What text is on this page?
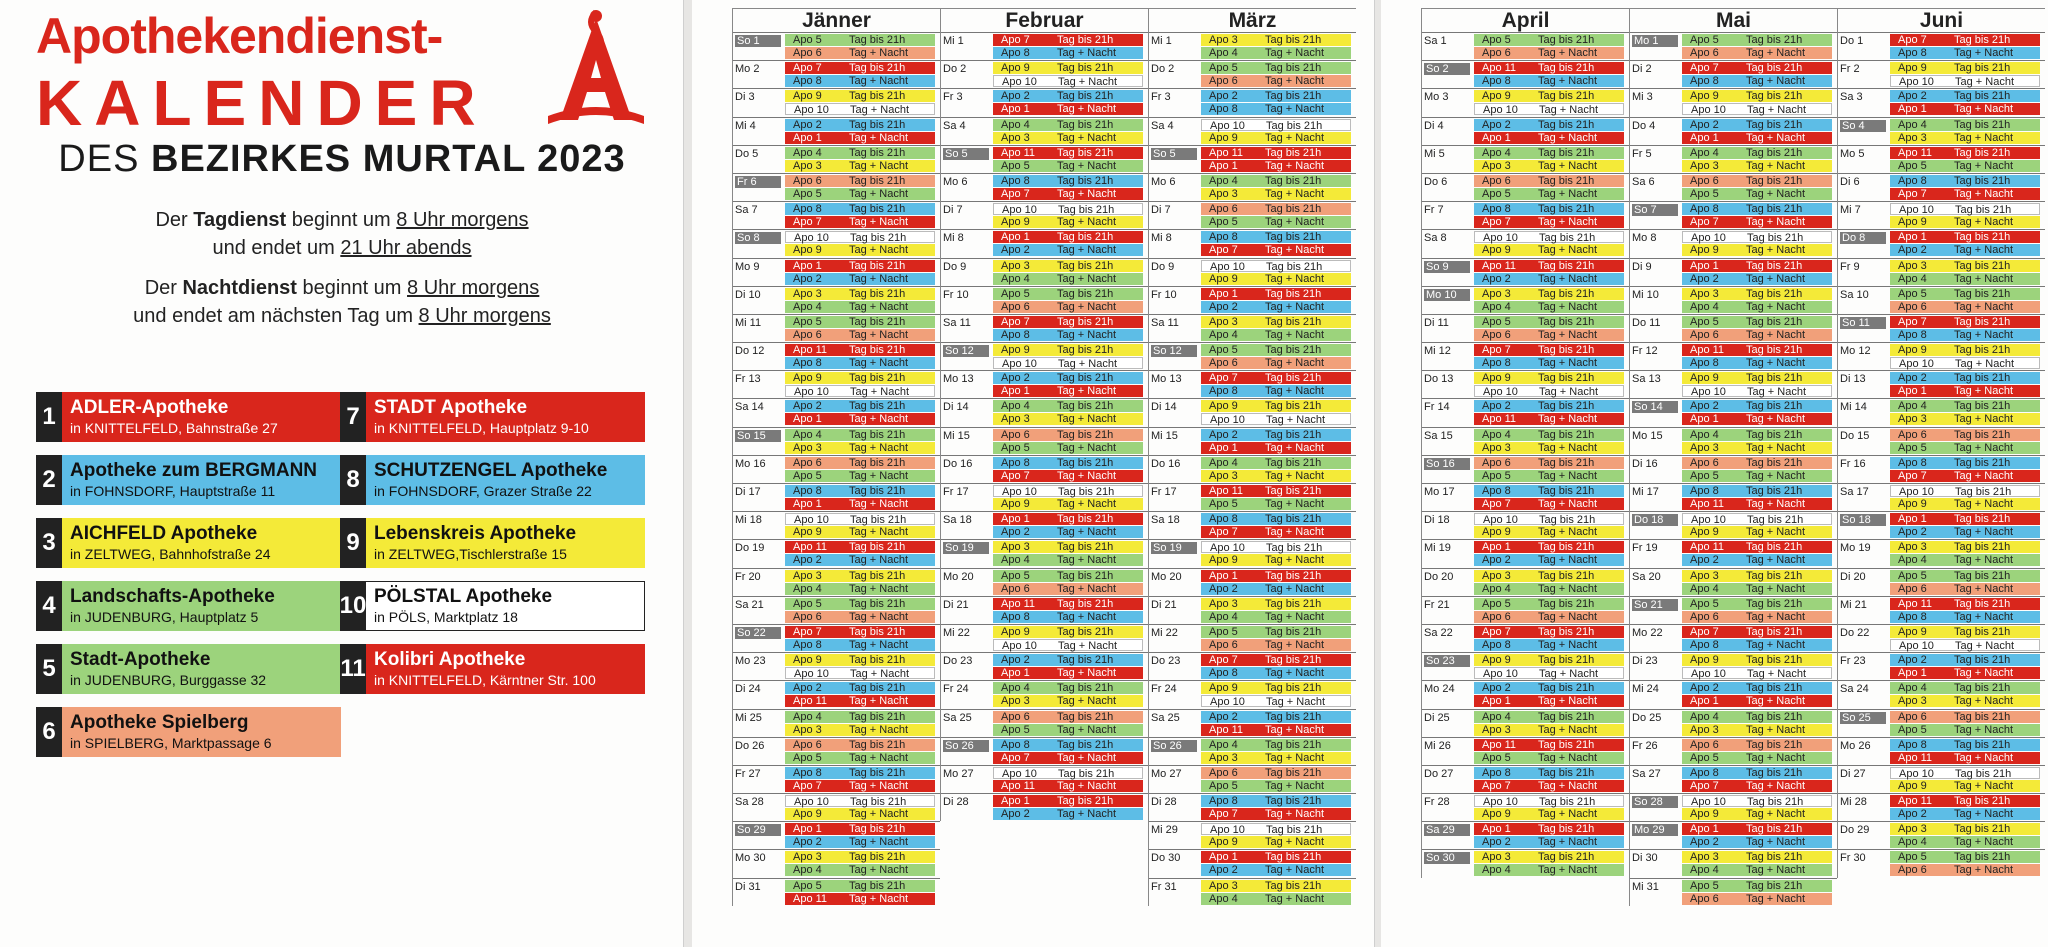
Apothekendienst-
KALENDER
DES BEZIRKES MURTAL 2023
Der Tagdienst beginnt um 8 Uhr morgens
und endet um 21 Uhr abends
Der Nachtdienst beginnt um 8 Uhr morgens
und endet am nächsten Tag um 8 Uhr morgens
1 ADLER-Apotheke
in KNITTELFELD, Bahnstraße 27
2 Apotheke zum BERGMANN
in FOHNSDORF, Hauptstraße 11
3 AICHFELD Apotheke
in ZELTWEG, Bahnhofstraße 24
4 Landschafts-Apotheke
in JUDENBURG, Hauptplatz 5
5 Stadt-Apotheke
in JUDENBURG, Burggasse 32
6 Apotheke Spielberg
in SPIELBERG, Marktpassage 6
7 STADT Apotheke
in KNITTELFELD, Hauptplatz 9-10
8 SCHUTZENGEL Apotheke
in FOHNSDORF, Grazer Straße 22
9 Lebenskreis Apotheke
in ZELTWEG,Tischlerstraße 15
10 PÖLSTAL Apotheke
in PÖLS, Marktplatz 18
11 Kolibri Apotheke
in KNITTELFELD, Kärntner Str. 100
Jänner
So 1	Apo 5 Tag bis 21h
Apo 6 Tag + Nacht
Mo 2	Apo 7 Tag bis 21h
Apo 8 Tag + Nacht
Di 3	Apo 9 Tag bis 21h
Apo 10 Tag + Nacht
Mi 4	Apo 2 Tag bis 21h
Apo 1 Tag + Nacht
Do 5	Apo 4 Tag bis 21h
Apo 3 Tag + Nacht
Fr 6	Apo 6 Tag bis 21h
Apo 5 Tag + Nacht
Sa 7	Apo 8 Tag bis 21h
Apo 7 Tag + Nacht
So 8	Apo 10 Tag bis 21h
Apo 9 Tag + Nacht
Mo 9	Apo 1 Tag bis 21h
Apo 2 Tag + Nacht
Di 10	Apo 3 Tag bis 21h
Apo 4 Tag + Nacht
Mi 11	Apo 5 Tag bis 21h
Apo 6 Tag + Nacht
Do 12	Apo 11 Tag bis 21h
Apo 8 Tag + Nacht
Fr 13	Apo 9 Tag bis 21h
Apo 10 Tag + Nacht
Sa 14	Apo 2 Tag bis 21h
Apo 1 Tag + Nacht
So 15	Apo 4 Tag bis 21h
Apo 3 Tag + Nacht
Mo 16	Apo 6 Tag bis 21h
Apo 5 Tag + Nacht
Di 17	Apo 8 Tag bis 21h
Apo 1 Tag + Nacht
Mi 18	Apo 10 Tag bis 21h
Apo 9 Tag + Nacht
Do 19	Apo 11 Tag bis 21h
Apo 2 Tag + Nacht
Fr 20	Apo 3 Tag bis 21h
Apo 4 Tag + Nacht
Sa 21	Apo 5 Tag bis 21h
Apo 6 Tag + Nacht
So 22	Apo 7 Tag bis 21h
Apo 8 Tag + Nacht
Mo 23	Apo 9 Tag bis 21h
Apo 10 Tag + Nacht
Di 24	Apo 2 Tag bis 21h
Apo 11 Tag + Nacht
Mi 25	Apo 4 Tag bis 21h
Apo 3 Tag + Nacht
Do 26	Apo 6 Tag bis 21h
Apo 5 Tag + Nacht
Fr 27	Apo 8 Tag bis 21h
Apo 7 Tag + Nacht
Sa 28	Apo 10 Tag bis 21h
Apo 9 Tag + Nacht
So 29	Apo 1 Tag bis 21h
Apo 2 Tag + Nacht
Mo 30	Apo 3 Tag bis 21h
Apo 4 Tag + Nacht
Di 31	Apo 5 Tag bis 21h
Apo 11 Tag + Nacht
Februar
Mi 1	Apo 7 Tag bis 21h
Apo 8 Tag + Nacht
Do 2	Apo 9 Tag bis 21h
Apo 10 Tag + Nacht
Fr 3	Apo 2 Tag bis 21h
Apo 1 Tag + Nacht
Sa 4	Apo 4 Tag bis 21h
Apo 3 Tag + Nacht
So 5	Apo 11 Tag bis 21h
Apo 5 Tag + Nacht
Mo 6	Apo 8 Tag bis 21h
Apo 7 Tag + Nacht
Di 7	Apo 10 Tag bis 21h
Apo 9 Tag + Nacht
Mi 8	Apo 1 Tag bis 21h
Apo 2 Tag + Nacht
Do 9	Apo 3 Tag bis 21h
Apo 4 Tag + Nacht
Fr 10	Apo 5 Tag bis 21h
Apo 6 Tag + Nacht
Sa 11	Apo 7 Tag bis 21h
Apo 8 Tag + Nacht
So 12	Apo 9 Tag bis 21h
Apo 10 Tag + Nacht
Mo 13	Apo 2 Tag bis 21h
Apo 1 Tag + Nacht
Di 14	Apo 4 Tag bis 21h
Apo 3 Tag + Nacht
Mi 15	Apo 6 Tag bis 21h
Apo 5 Tag + Nacht
Do 16	Apo 8 Tag bis 21h
Apo 7 Tag + Nacht
Fr 17	Apo 10 Tag bis 21h
Apo 9 Tag + Nacht
Sa 18	Apo 1 Tag bis 21h
Apo 2 Tag + Nacht
So 19	Apo 3 Tag bis 21h
Apo 4 Tag + Nacht
Mo 20	Apo 5 Tag bis 21h
Apo 6 Tag + Nacht
Di 21	Apo 11 Tag bis 21h
Apo 8 Tag + Nacht
Mi 22	Apo 9 Tag bis 21h
Apo 10 Tag + Nacht
Do 23	Apo 2 Tag bis 21h
Apo 1 Tag + Nacht
Fr 24	Apo 4 Tag bis 21h
Apo 3 Tag + Nacht
Sa 25	Apo 6 Tag bis 21h
Apo 5 Tag + Nacht
So 26	Apo 8 Tag bis 21h
Apo 7 Tag + Nacht
Mo 27	Apo 10 Tag bis 21h
Apo 11 Tag + Nacht
Di 28	Apo 1 Tag bis 21h
Apo 2 Tag + Nacht
März
Mi 1	Apo 3 Tag bis 21h
Apo 4 Tag + Nacht
Do 2	Apo 5 Tag bis 21h
Apo 6 Tag + Nacht
Fr 3	Apo 2 Tag bis 21h
Apo 8 Tag + Nacht
Sa 4	Apo 10 Tag bis 21h
Apo 9 Tag + Nacht
So 5	Apo 11 Tag bis 21h
Apo 1 Tag + Nacht
Mo 6	Apo 4 Tag bis 21h
Apo 3 Tag + Nacht
Di 7	Apo 6 Tag bis 21h
Apo 5 Tag + Nacht
Mi 8	Apo 8 Tag bis 21h
Apo 7 Tag + Nacht
Do 9	Apo 10 Tag bis 21h
Apo 9 Tag + Nacht
Fr 10	Apo 1 Tag bis 21h
Apo 2 Tag + Nacht
Sa 11	Apo 3 Tag bis 21h
Apo 4 Tag + Nacht
So 12	Apo 5 Tag bis 21h
Apo 6 Tag + Nacht
Mo 13	Apo 7 Tag bis 21h
Apo 8 Tag + Nacht
Di 14	Apo 9 Tag bis 21h
Apo 10 Tag + Nacht
Mi 15	Apo 2 Tag bis 21h
Apo 1 Tag + Nacht
Do 16	Apo 4 Tag bis 21h
Apo 3 Tag + Nacht
Fr 17	Apo 11 Tag bis 21h
Apo 5 Tag + Nacht
Sa 18	Apo 8 Tag bis 21h
Apo 7 Tag + Nacht
So 19	Apo 10 Tag bis 21h
Apo 9 Tag + Nacht
Mo 20	Apo 1 Tag bis 21h
Apo 2 Tag + Nacht
Di 21	Apo 3 Tag bis 21h
Apo 4 Tag + Nacht
Mi 22	Apo 5 Tag bis 21h
Apo 6 Tag + Nacht
Do 23	Apo 7 Tag bis 21h
Apo 8 Tag + Nacht
Fr 24	Apo 9 Tag bis 21h
Apo 10 Tag + Nacht
Sa 25	Apo 2 Tag bis 21h
Apo 11 Tag + Nacht
So 26	Apo 4 Tag bis 21h
Apo 3 Tag + Nacht
Mo 27	Apo 6 Tag bis 21h
Apo 5 Tag + Nacht
Di 28	Apo 8 Tag bis 21h
Apo 7 Tag + Nacht
Mi 29	Apo 10 Tag bis 21h
Apo 9 Tag + Nacht
Do 30	Apo 1 Tag bis 21h
Apo 2 Tag + Nacht
Fr 31	Apo 3 Tag bis 21h
Apo 4 Tag + Nacht
April
Sa 1	Apo 5 Tag bis 21h
Apo 6 Tag + Nacht
So 2	Apo 11 Tag bis 21h
Apo 8 Tag + Nacht
Mo 3	Apo 9 Tag bis 21h
Apo 10 Tag + Nacht
Di 4	Apo 2 Tag bis 21h
Apo 1 Tag + Nacht
Mi 5	Apo 4 Tag bis 21h
Apo 3 Tag + Nacht
Do 6	Apo 6 Tag bis 21h
Apo 5 Tag + Nacht
Fr 7	Apo 8 Tag bis 21h
Apo 7 Tag + Nacht
Sa 8	Apo 10 Tag bis 21h
Apo 9 Tag + Nacht
So 9	Apo 11 Tag bis 21h
Apo 2 Tag + Nacht
Mo 10	Apo 3 Tag bis 21h
Apo 4 Tag + Nacht
Di 11	Apo 5 Tag bis 21h
Apo 6 Tag + Nacht
Mi 12	Apo 7 Tag bis 21h
Apo 8 Tag + Nacht
Do 13	Apo 9 Tag bis 21h
Apo 10 Tag + Nacht
Fr 14	Apo 2 Tag bis 21h
Apo 11 Tag + Nacht
Sa 15	Apo 4 Tag bis 21h
Apo 3 Tag + Nacht
So 16	Apo 6 Tag bis 21h
Apo 5 Tag + Nacht
Mo 17	Apo 8 Tag bis 21h
Apo 7 Tag + Nacht
Di 18	Apo 10 Tag bis 21h
Apo 9 Tag + Nacht
Mi 19	Apo 1 Tag bis 21h
Apo 2 Tag + Nacht
Do 20	Apo 3 Tag bis 21h
Apo 4 Tag + Nacht
Fr 21	Apo 5 Tag bis 21h
Apo 6 Tag + Nacht
Sa 22	Apo 7 Tag bis 21h
Apo 8 Tag + Nacht
So 23	Apo 9 Tag bis 21h
Apo 10 Tag + Nacht
Mo 24	Apo 2 Tag bis 21h
Apo 1 Tag + Nacht
Di 25	Apo 4 Tag bis 21h
Apo 3 Tag + Nacht
Mi 26	Apo 11 Tag bis 21h
Apo 5 Tag + Nacht
Do 27	Apo 8 Tag bis 21h
Apo 7 Tag + Nacht
Fr 28	Apo 10 Tag bis 21h
Apo 9 Tag + Nacht
Sa 29	Apo 1 Tag bis 21h
Apo 2 Tag + Nacht
So 30	Apo 3 Tag bis 21h
Apo 4 Tag + Nacht
Mai
Mo 1	Apo 5 Tag bis 21h
Apo 6 Tag + Nacht
Di 2	Apo 7 Tag bis 21h
Apo 8 Tag + Nacht
Mi 3	Apo 9 Tag bis 21h
Apo 10 Tag + Nacht
Do 4	Apo 2 Tag bis 21h
Apo 1 Tag + Nacht
Fr 5	Apo 4 Tag bis 21h
Apo 3 Tag + Nacht
Sa 6	Apo 6 Tag bis 21h
Apo 5 Tag + Nacht
So 7	Apo 8 Tag bis 21h
Apo 7 Tag + Nacht
Mo 8	Apo 10 Tag bis 21h
Apo 9 Tag + Nacht
Di 9	Apo 1 Tag bis 21h
Apo 2 Tag + Nacht
Mi 10	Apo 3 Tag bis 21h
Apo 4 Tag + Nacht
Do 11	Apo 5 Tag bis 21h
Apo 6 Tag + Nacht
Fr 12	Apo 11 Tag bis 21h
Apo 8 Tag + Nacht
Sa 13	Apo 9 Tag bis 21h
Apo 10 Tag + Nacht
So 14	Apo 2 Tag bis 21h
Apo 1 Tag + Nacht
Mo 15	Apo 4 Tag bis 21h
Apo 3 Tag + Nacht
Di 16	Apo 6 Tag bis 21h
Apo 5 Tag + Nacht
Mi 17	Apo 8 Tag bis 21h
Apo 11 Tag + Nacht
Do 18	Apo 10 Tag bis 21h
Apo 9 Tag + Nacht
Fr 19	Apo 11 Tag bis 21h
Apo 2 Tag + Nacht
Sa 20	Apo 3 Tag bis 21h
Apo 4 Tag + Nacht
So 21	Apo 5 Tag bis 21h
Apo 6 Tag + Nacht
Mo 22	Apo 7 Tag bis 21h
Apo 8 Tag + Nacht
Di 23	Apo 9 Tag bis 21h
Apo 10 Tag + Nacht
Mi 24	Apo 2 Tag bis 21h
Apo 1 Tag + Nacht
Do 25	Apo 4 Tag bis 21h
Apo 3 Tag + Nacht
Fr 26	Apo 6 Tag bis 21h
Apo 5 Tag + Nacht
Sa 27	Apo 8 Tag bis 21h
Apo 7 Tag + Nacht
So 28	Apo 10 Tag bis 21h
Apo 9 Tag + Nacht
Mo 29	Apo 1 Tag bis 21h
Apo 2 Tag + Nacht
Di 30	Apo 3 Tag bis 21h
Apo 4 Tag + Nacht
Mi 31	Apo 5 Tag bis 21h
Apo 6 Tag + Nacht
Juni
Do 1	Apo 7 Tag bis 21h
Apo 8 Tag + Nacht
Fr 2	Apo 9 Tag bis 21h
Apo 10 Tag + Nacht
Sa 3	Apo 2 Tag bis 21h
Apo 1 Tag + Nacht
So 4	Apo 4 Tag bis 21h
Apo 3 Tag + Nacht
Mo 5	Apo 11 Tag bis 21h
Apo 5 Tag + Nacht
Di 6	Apo 8 Tag bis 21h
Apo 7 Tag + Nacht
Mi 7	Apo 10 Tag bis 21h
Apo 9 Tag + Nacht
Do 8	Apo 1 Tag bis 21h
Apo 2 Tag + Nacht
Fr 9	Apo 3 Tag bis 21h
Apo 4 Tag + Nacht
Sa 10	Apo 5 Tag bis 21h
Apo 6 Tag + Nacht
So 11	Apo 7 Tag bis 21h
Apo 8 Tag + Nacht
Mo 12	Apo 9 Tag bis 21h
Apo 10 Tag + Nacht
Di 13	Apo 2 Tag bis 21h
Apo 1 Tag + Nacht
Mi 14	Apo 4 Tag bis 21h
Apo 3 Tag + Nacht
Do 15	Apo 6 Tag bis 21h
Apo 5 Tag + Nacht
Fr 16	Apo 8 Tag bis 21h
Apo 7 Tag + Nacht
Sa 17	Apo 10 Tag bis 21h
Apo 9 Tag + Nacht
So 18	Apo 1 Tag bis 21h
Apo 2 Tag + Nacht
Mo 19	Apo 3 Tag bis 21h
Apo 4 Tag + Nacht
Di 20	Apo 5 Tag bis 21h
Apo 6 Tag + Nacht
Mi 21	Apo 11 Tag bis 21h
Apo 8 Tag + Nacht
Do 22	Apo 9 Tag bis 21h
Apo 10 Tag + Nacht
Fr 23	Apo 2 Tag bis 21h
Apo 1 Tag + Nacht
Sa 24	Apo 4 Tag bis 21h
Apo 3 Tag + Nacht
So 25	Apo 6 Tag bis 21h
Apo 5 Tag + Nacht
Mo 26	Apo 8 Tag bis 21h
Apo 11 Tag + Nacht
Di 27	Apo 10 Tag bis 21h
Apo 9 Tag + Nacht
Mi 28	Apo 11 Tag bis 21h
Apo 2 Tag + Nacht
Do 29	Apo 3 Tag bis 21h
Apo 4 Tag + Nacht
Fr 30	Apo 5 Tag bis 21h
Apo 6 Tag + Nacht
